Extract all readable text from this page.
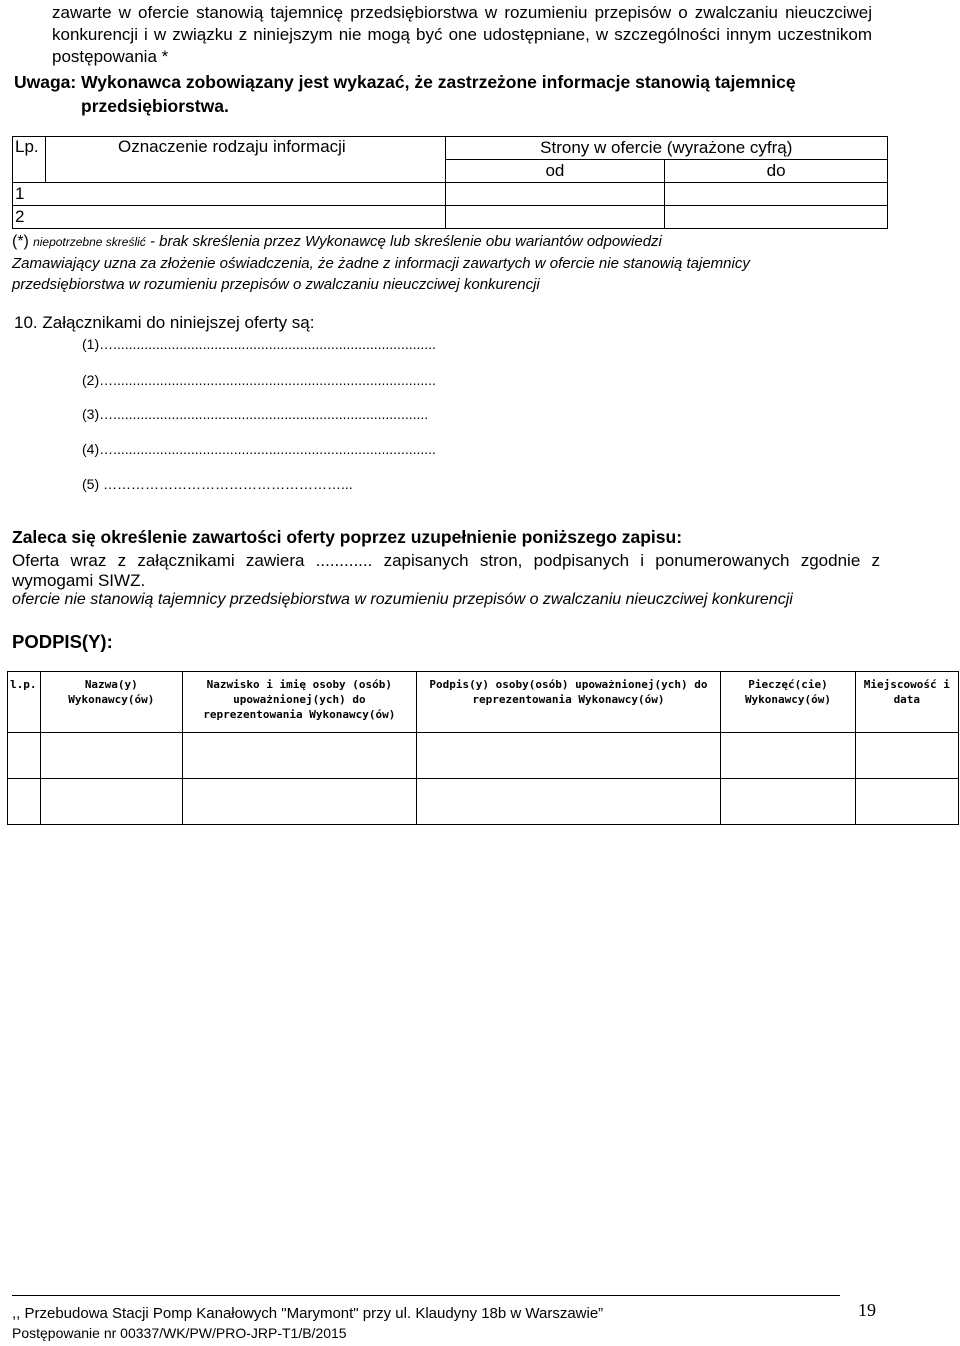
zawarte w ofercie stanowią tajemnicę przedsiębiorstwa w rozumieniu przepisów o zwalczaniu nieuczciwej konkurencji i w związku z niniejszym nie mogą być one udostępniane, w szczególności innym uczestnikom postępowania *
Uwaga: Wykonawca zobowiązany jest wykazać, że zastrzeżone informacje stanowią tajemnicę
przedsiębiorstwa.
Lp.	Oznaczenie rodzaju informacji	Strony w ofercie (wyrażone cyfrą)	
		od	do
1			
2			
(*) niepotrzebne skreślić - brak skreślenia przez Wykonawcę lub skreślenie obu wariantów odpowiedzi
Zamawiający uzna za złożenie oświadczenia, że żadne z informacji zawartych w ofercie nie stanowią tajemnicy
przedsiębiorstwa w rozumieniu przepisów o zwalczaniu nieuczciwej konkurencji
10. Załącznikami do niniejszej oferty są:
(1)…...................................................................................
(2)…...................................................................................
(3)….................................................................................
(4)…...................................................................................
(5) ……………………………………………...
Zaleca się określenie zawartości oferty poprzez uzupełnienie poniższego zapisu:
Oferta wraz z załącznikami zawiera ............ zapisanych stron, podpisanych i ponumerowanych zgodnie z wymogami SIWZ.
ofercie nie stanowią tajemnicy przedsiębiorstwa w rozumieniu przepisów o zwalczaniu nieuczciwej konkurencji
PODPIS(Y):
l.p.	Nazwa(y) Wykonawcy(ów)	Nazwisko i imię osoby (osób) upoważnionej(ych) do reprezentowania Wykonawcy(ów)	Podpis(y) osoby(osób) upoważnionej(ych) do reprezentowania Wykonawcy(ów)	Pieczęć(cie) Wykonawcy(ów)	Miejscowość i data

,, Przebudowa Stacji Pomp Kanałowych "Marymont" przy ul. Klaudyny 18b w Warszawie”
Postępowanie nr 00337/WK/PW/PRO-JRP-T1/B/2015
19
